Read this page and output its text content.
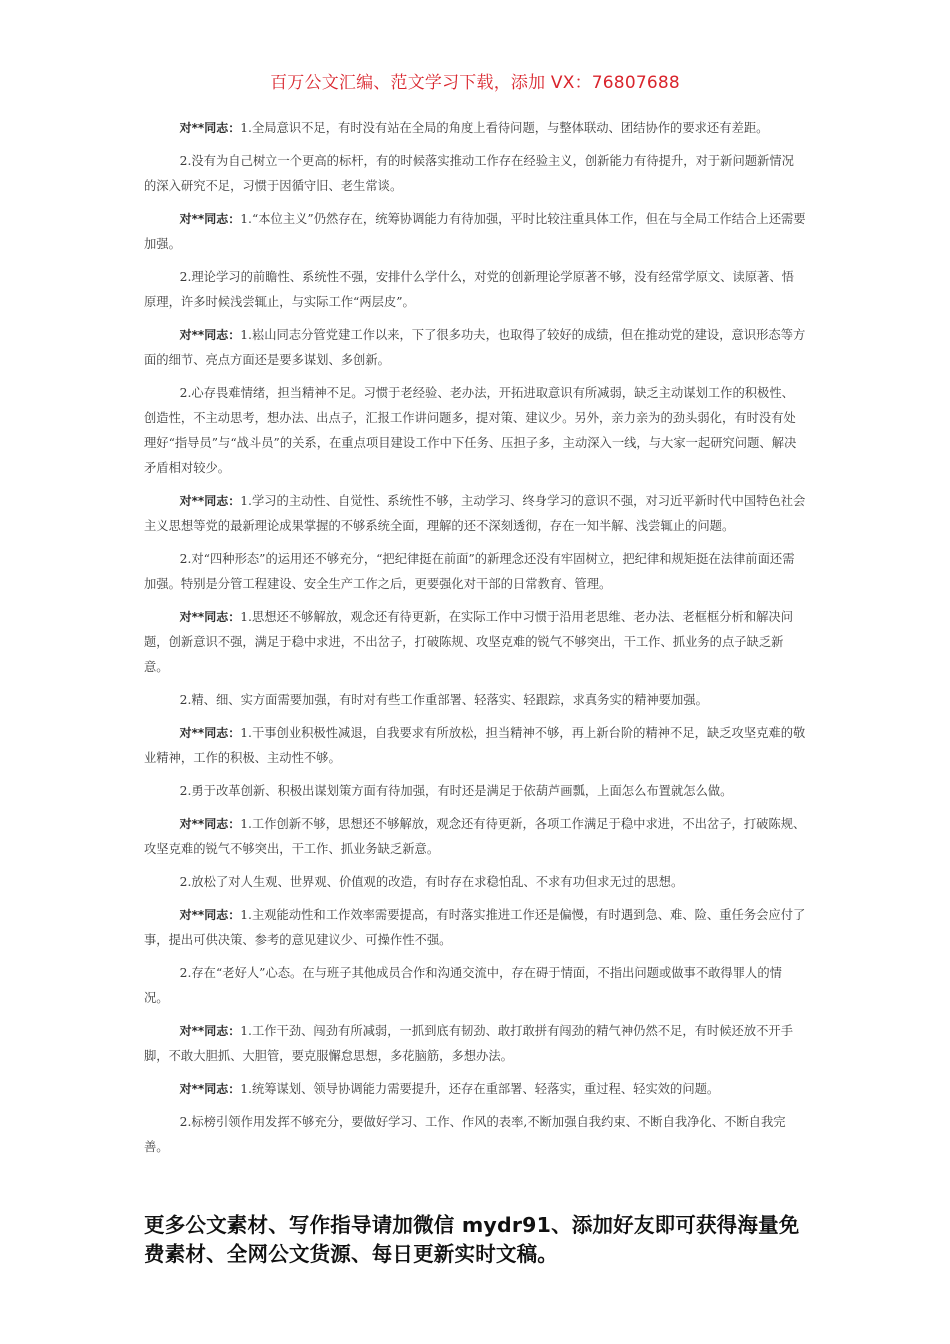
百万公文汇编、范文学习下载，添加 VX：76807688

对**同志：1.全局意识不足，有时没有站在全局的角度上看待问题，与整体联动、团结协作的要求还有差距。

2.没有为自己树立一个更高的标杆，有的时候落实推动工作存在经验主义，创新能力有待提升，对于新问题新情况的深入研究不足，习惯于因循守旧、老生常谈。

对**同志：1.“本位主义”仍然存在，统筹协调能力有待加强，平时比较注重具体工作，但在与全局工作结合上还需要加强。

2.理论学习的前瞻性、系统性不强，安排什么学什么，对党的创新理论学原著不够，没有经常学原文、读原著、悟原理，许多时候浅尝辄止，与实际工作“两层皮”。

对**同志：1.崧山同志分管党建工作以来，下了很多功夫，也取得了较好的成绩，但在推动党的建设，意识形态等方面的细节、亮点方面还是要多谋划、多创新。

2.心存畏难情绪，担当精神不足。习惯于老经验、老办法，开拓进取意识有所减弱，缺乏主动谋划工作的积极性、创造性，不主动思考，想办法、出点子，汇报工作讲问题多，提对策、建议少。另外，亲力亲为的劲头弱化，有时没有处理好“指导员”与“战斗员”的关系，在重点项目建设工作中下任务、压担子多，主动深入一线，与大家一起研究问题、解决矛盾相对较少。

对**同志：1.学习的主动性、自觉性、系统性不够，主动学习、终身学习的意识不强，对习近平新时代中国特色社会主义思想等党的最新理论成果掌握的不够系统全面，理解的还不深刻透彻，存在一知半解、浅尝辄止的问题。

2.对“四种形态”的运用还不够充分，“把纪律挺在前面”的新理念还没有牢固树立，把纪律和规矩挺在法律前面还需加强。特别是分管工程建设、安全生产工作之后，更要强化对干部的日常教育、管理。

对**同志：1.思想还不够解放，观念还有待更新，在实际工作中习惯于沿用老思维、老办法、老框框分析和解决问题，创新意识不强，满足于稳中求进，不出岔子，打破陈规、攻坚克难的锐气不够突出，干工作、抓业务的点子缺乏新意。

2.精、细、实方面需要加强，有时对有些工作重部署、轻落实、轻跟踪，求真务实的精神要加强。

对**同志：1.干事创业积极性减退，自我要求有所放松，担当精神不够，再上新台阶的精神不足，缺乏攻坚克难的敬业精神，工作的积极、主动性不够。

2.勇于改革创新、积极出谋划策方面有待加强，有时还是满足于依葫芦画瓢，上面怎么布置就怎么做。

对**同志：1.工作创新不够，思想还不够解放，观念还有待更新，各项工作满足于稳中求进，不出岔子，打破陈规、攻坚克难的锐气不够突出，干工作、抓业务缺乏新意。

2.放松了对人生观、世界观、价值观的改造，有时存在求稳怕乱、不求有功但求无过的思想。

对**同志：1.主观能动性和工作效率需要提高，有时落实推进工作还是偏慢，有时遇到急、难、险、重任务会应付了事，提出可供决策、参考的意见建议少、可操作性不强。

2.存在“老好人”心态。在与班子其他成员合作和沟通交流中，存在碍于情面，不指出问题或做事不敢得罪人的情况。

对**同志：1.工作干劲、闯劲有所减弱，一抓到底有韧劲、敢打敢拼有闯劲的精气神仍然不足，有时候还放不开手脚，不敢大胆抓、大胆管，要克服懈怠思想，多花脑筋，多想办法。

对**同志：1.统筹谋划、领导协调能力需要提升，还存在重部署、轻落实，重过程、轻实效的问题。

2.标榜引领作用发挥不够充分，要做好学习、工作、作风的表率,不断加强自我约束、不断自我净化、不断自我完善。

更多公文素材、写作指导请加微信 mydr91、添加好友即可获得海量免费素材、全网公文货源、每日更新实时文稿。
